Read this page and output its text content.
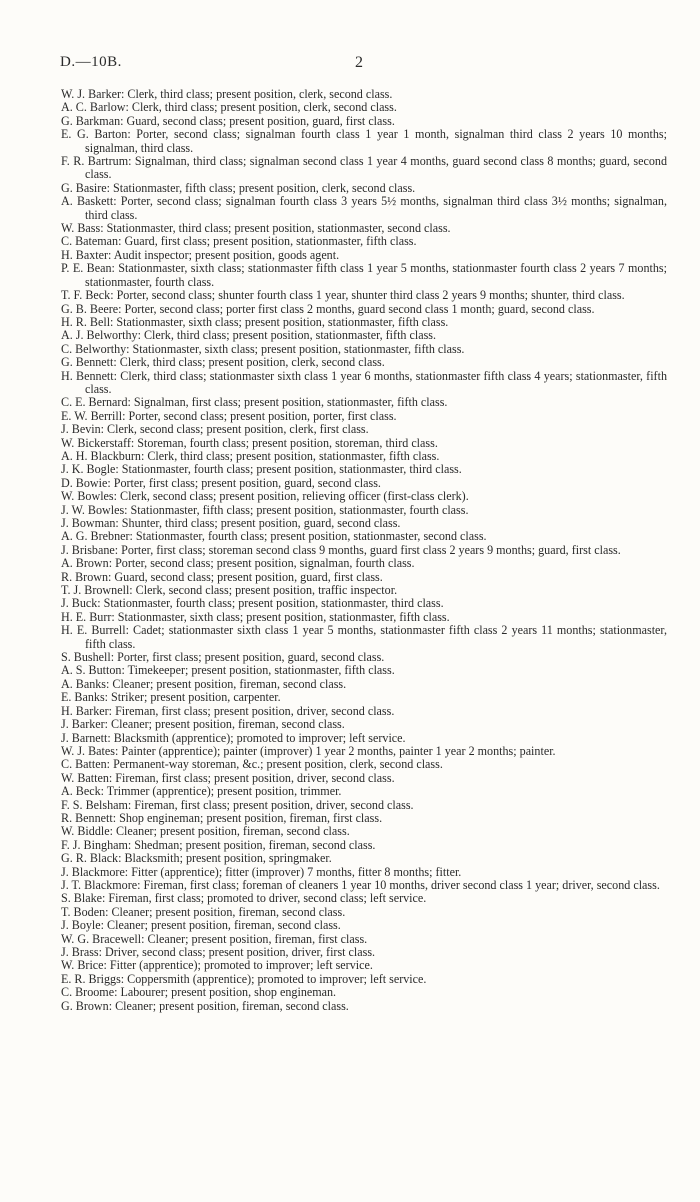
D.—10B.	2
W. J. Barker: Clerk, third class; present position, clerk, second class.
A. C. Barlow: Clerk, third class; present position, clerk, second class.
G. Barkman: Guard, second class; present position, guard, first class.
E. G. Barton: Porter, second class; signalman fourth class 1 year 1 month, signalman third class 2 years 10 months; signalman, third class.
F. R. Bartrum: Signalman, third class; signalman second class 1 year 4 months, guard second class 8 months; guard, second class.
G. Basire: Stationmaster, fifth class; present position, clerk, second class.
A. Baskett: Porter, second class; signalman fourth class 3 years 5½ months, signalman third class 3½ months; signalman, third class.
W. Bass: Stationmaster, third class; present position, stationmaster, second class.
C. Bateman: Guard, first class; present position, stationmaster, fifth class.
H. Baxter: Audit inspector; present position, goods agent.
P. E. Bean: Stationmaster, sixth class; stationmaster fifth class 1 year 5 months, stationmaster fourth class 2 years 7 months; stationmaster, fourth class.
T. F. Beck: Porter, second class; shunter fourth class 1 year, shunter third class 2 years 9 months; shunter, third class.
G. B. Beere: Porter, second class; porter first class 2 months, guard second class 1 month; guard, second class.
H. R. Bell: Stationmaster, sixth class; present position, stationmaster, fifth class.
A. J. Belworthy: Clerk, third class; present position, stationmaster, fifth class.
C. Belworthy: Stationmaster, sixth class; present position, stationmaster, fifth class.
G. Bennett: Clerk, third class; present position, clerk, second class.
H. Bennett: Clerk, third class; stationmaster sixth class 1 year 6 months, stationmaster fifth class 4 years; stationmaster, fifth class.
C. E. Bernard: Signalman, first class; present position, stationmaster, fifth class.
E. W. Berrill: Porter, second class; present position, porter, first class.
J. Bevin: Clerk, second class; present position, clerk, first class.
W. Bickerstaff: Storeman, fourth class; present position, storeman, third class.
A. H. Blackburn: Clerk, third class; present position, stationmaster, fifth class.
J. K. Bogle: Stationmaster, fourth class; present position, stationmaster, third class.
D. Bowie: Porter, first class; present position, guard, second class.
W. Bowles: Clerk, second class; present position, relieving officer (first-class clerk).
J. W. Bowles: Stationmaster, fifth class; present position, stationmaster, fourth class.
J. Bowman: Shunter, third class; present position, guard, second class.
A. G. Brebner: Stationmaster, fourth class; present position, stationmaster, second class.
J. Brisbane: Porter, first class; storeman second class 9 months, guard first class 2 years 9 months; guard, first class.
A. Brown: Porter, second class; present position, signalman, fourth class.
R. Brown: Guard, second class; present position, guard, first class.
T. J. Brownell: Clerk, second class; present position, traffic inspector.
J. Buck: Stationmaster, fourth class; present position, stationmaster, third class.
H. E. Burr: Stationmaster, sixth class; present position, stationmaster, fifth class.
H. E. Burrell: Cadet; stationmaster sixth class 1 year 5 months, stationmaster fifth class 2 years 11 months; stationmaster, fifth class.
S. Bushell: Porter, first class; present position, guard, second class.
A. S. Button: Timekeeper; present position, stationmaster, fifth class.
A. Banks: Cleaner; present position, fireman, second class.
E. Banks: Striker; present position, carpenter.
H. Barker: Fireman, first class; present position, driver, second class.
J. Barker: Cleaner; present position, fireman, second class.
J. Barnett: Blacksmith (apprentice); promoted to improver; left service.
W. J. Bates: Painter (apprentice); painter (improver) 1 year 2 months, painter 1 year 2 months; painter.
C. Batten: Permanent-way storeman, &c.; present position, clerk, second class.
W. Batten: Fireman, first class; present position, driver, second class.
A. Beck: Trimmer (apprentice); present position, trimmer.
F. S. Belsham: Fireman, first class; present position, driver, second class.
R. Bennett: Shop engineman; present position, fireman, first class.
W. Biddle: Cleaner; present position, fireman, second class.
F. J. Bingham: Shedman; present position, fireman, second class.
G. R. Black: Blacksmith; present position, springmaker.
J. Blackmore: Fitter (apprentice); fitter (improver) 7 months, fitter 8 months; fitter.
J. T. Blackmore: Fireman, first class; foreman of cleaners 1 year 10 months, driver second class 1 year; driver, second class.
S. Blake: Fireman, first class; promoted to driver, second class; left service.
T. Boden: Cleaner; present position, fireman, second class.
J. Boyle: Cleaner; present position, fireman, second class.
W. G. Bracewell: Cleaner; present position, fireman, first class.
J. Brass: Driver, second class; present position, driver, first class.
W. Brice: Fitter (apprentice); promoted to improver; left service.
E. R. Briggs: Coppersmith (apprentice); promoted to improver; left service.
C. Broome: Labourer; present position, shop engineman.
G. Brown: Cleaner; present position, fireman, second class.
